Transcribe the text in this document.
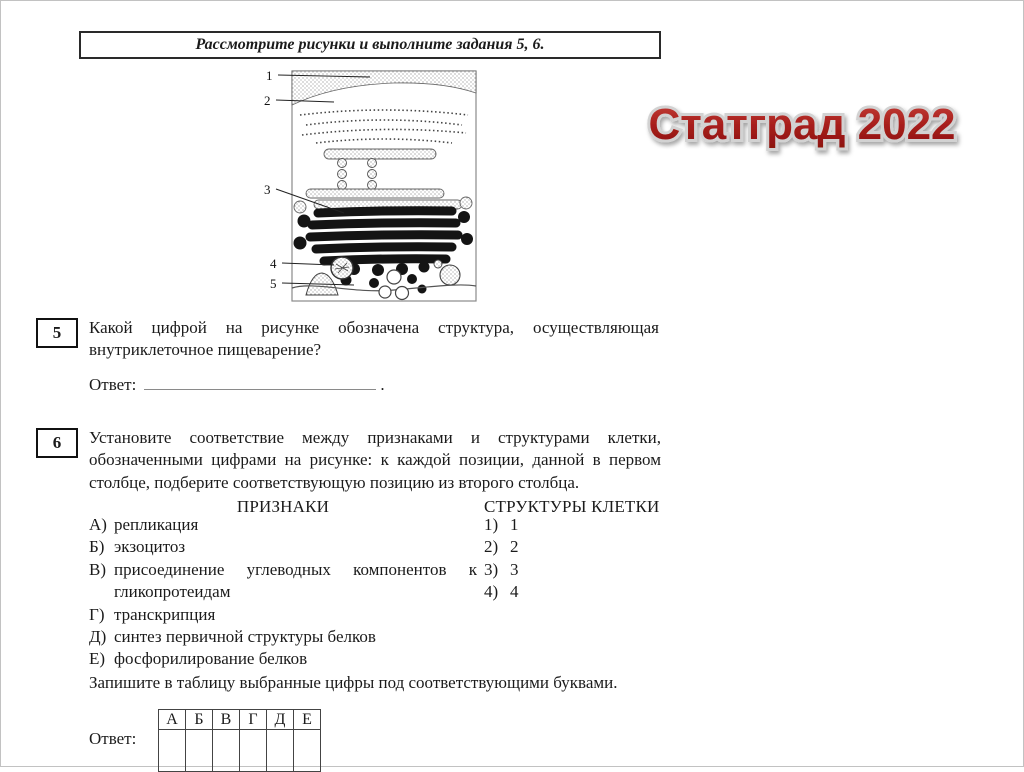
Рассмотрите рисунки и выполните задания 5, 6.
1
2
3
4
5
Статград 2022
5 Какой цифрой на рисунке обозначена структура, осуществляющая внутриклеточное пищеварение?
Ответ:	.
6 Установите соответствие между признаками и структурами клетки, обозначенными цифрами на рисунке: к каждой позиции, данной в первом столбце, подберите соответствующую позицию из второго столбца.
ПРИЗНАКИ	СТРУКТУРЫ КЛЕТКИ
А) репликация
Б) экзоцитоз
В) присоединение углеводных компонентов к гликопротеидам
Г) транскрипция
Д) синтез первичной структуры белков
Е) фосфорилирование белков
1) 1
2) 2
3) 3
4) 4
Запишите в таблицу выбранные цифры под соответствующими буквами.
Ответ:
А	Б	В	Г	Д	Е
